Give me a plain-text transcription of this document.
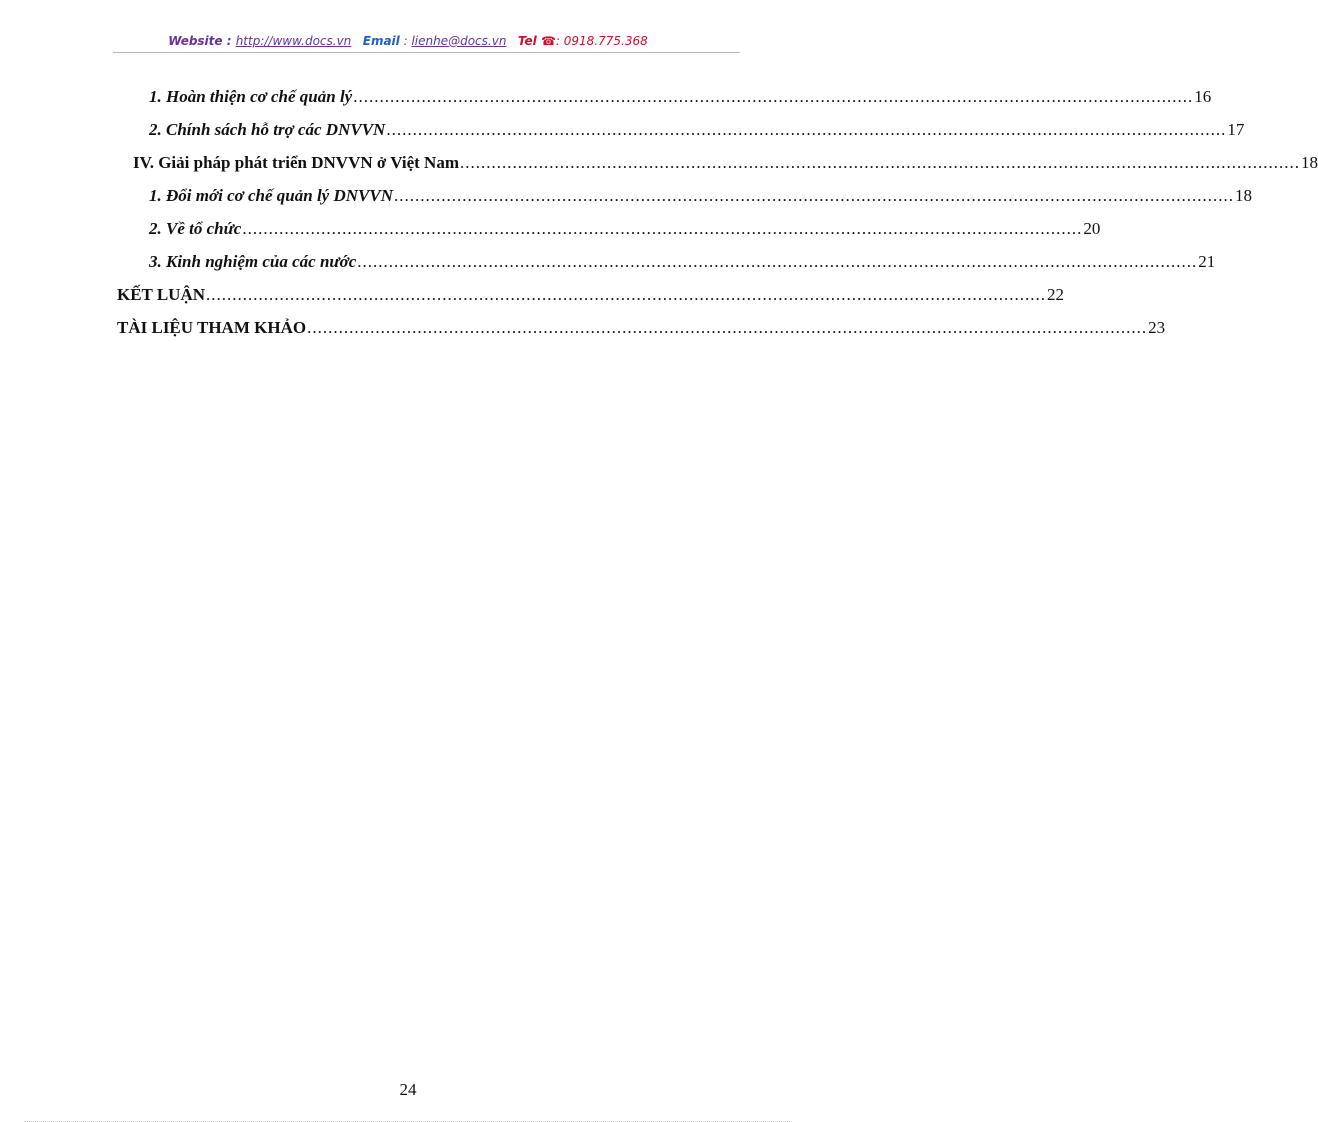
Website : http://www.docs.vn Email : lienhe@docs.vn Tel ☎: 0918.775.368
1. Hoàn thiện cơ chế quản lý ................................................................................................................................................................ 16
2. Chính sách hỗ trợ các DNVVN ................................................................................................................................................................ 17
IV. Giải pháp phát triển DNVVN ở Việt Nam ................................................................................................................................................................ 18
1. Đổi mới cơ chế quản lý DNVVN ................................................................................................................................................................ 18
2. Về tổ chức ................................................................................................................................................................ 20
3. Kinh nghiệm của các nước ................................................................................................................................................................ 21
KẾT LUẬN ................................................................................................................................................................ 22
TÀI LIỆU THAM KHẢO ................................................................................................................................................................ 23
24
